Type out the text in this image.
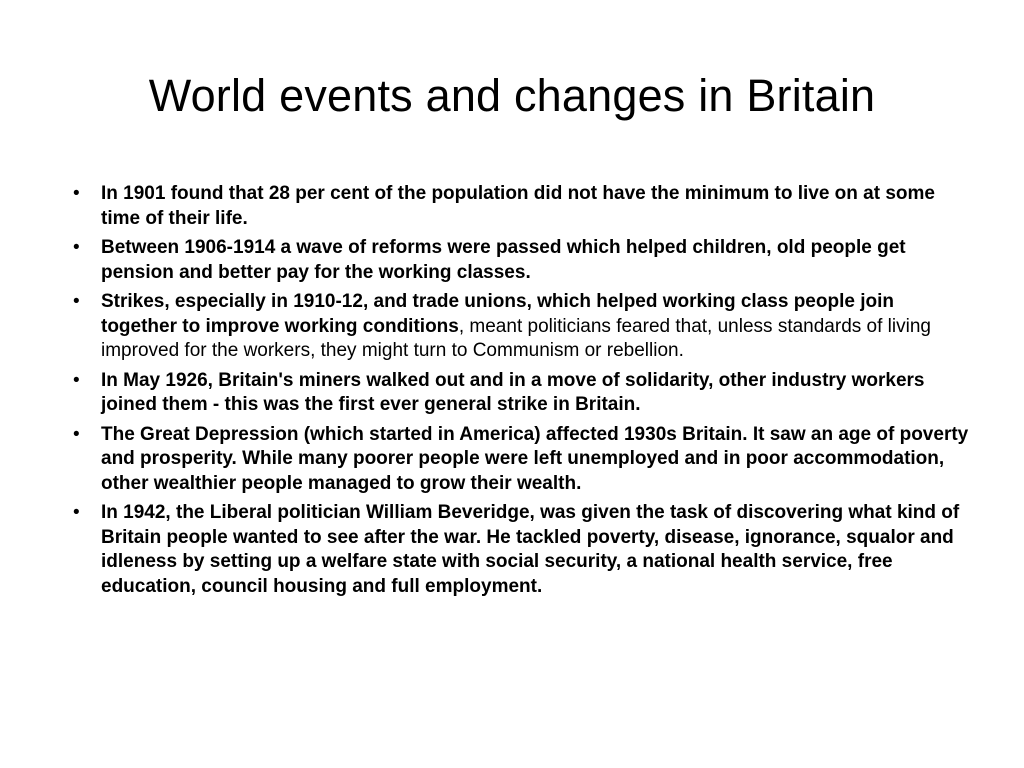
World events and changes in Britain
• In 1901 found that 28 per cent of the population did not have the minimum to live on at some time of their life.
• Between 1906-1914 a wave of reforms were passed which helped children, old people get pension and better pay for the working classes.
• Strikes, especially in 1910-12, and trade unions, which helped working class people join together to improve working conditions, meant politicians feared that, unless standards of living improved for the workers, they might turn to Communism or rebellion.
• In May 1926, Britain's miners walked out and in a move of solidarity, other industry workers joined them - this was the first ever general strike in Britain.
• The Great Depression (which started in America) affected 1930s Britain. It saw an age of poverty and prosperity. While many poorer people were left unemployed and in poor accommodation, other wealthier people managed to grow their wealth.
• In 1942, the Liberal politician William Beveridge, was given the task of discovering what kind of Britain people wanted to see after the war. He tackled poverty, disease, ignorance, squalor and idleness by setting up a welfare state with social security, a national health service, free education, council housing and full employment.
